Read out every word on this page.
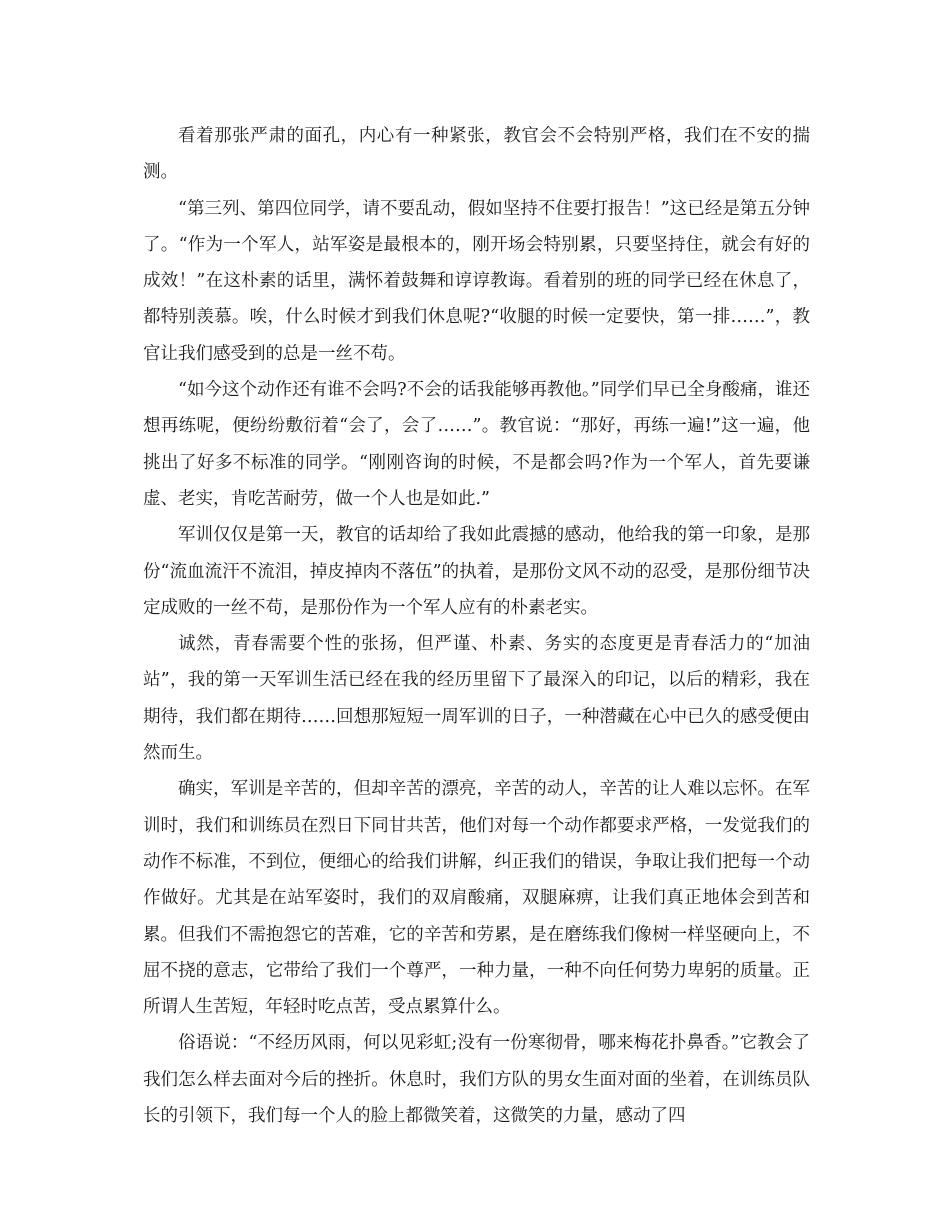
看着那张严肃的面孔，内心有一种紧张，教官会不会特别严格，我们在不安的揣测。

“第三列、第四位同学，请不要乱动，假如坚持不住要打报告！”这已经是第五分钟了。“作为一个军人，站军姿是最根本的，刚开场会特别累，只要坚持住，就会有好的成效！”在这朴素的话里，满怀着鼓舞和谆谆教诲。看着别的班的同学已经在休息了，都特别羡慕。唉，什么时候才到我们休息呢?“收腿的时候一定要快，第一排……”，教官让我们感受到的总是一丝不苟。

“如今这个动作还有谁不会吗?不会的话我能够再教他。”同学们早已全身酸痛，谁还想再练呢，便纷纷敷衍着“会了，会了……”。教官说：“那好，再练一遍!”这一遍，他挑出了好多不标准的同学。“刚刚咨询的时候，不是都会吗?作为一个军人，首先要谦虚、老实，肯吃苦耐劳，做一个人也是如此.”

军训仅仅是第一天，教官的话却给了我如此震撼的感动，他给我的第一印象，是那份“流血流汗不流泪，掉皮掉肉不落伍”的执着，是那份文风不动的忍受，是那份细节决定成败的一丝不苟，是那份作为一个军人应有的朴素老实。

诚然，青春需要个性的张扬，但严谨、朴素、务实的态度更是青春活力的“加油站”，我的第一天军训生活已经在我的经历里留下了最深入的印记，以后的精彩，我在期待，我们都在期待……回想那短短一周军训的日子，一种潜藏在心中已久的感受便由然而生。

确实，军训是辛苦的，但却辛苦的漂亮，辛苦的动人，辛苦的让人难以忘怀。在军训时，我们和训练员在烈日下同甘共苦，他们对每一个动作都要求严格，一发觉我们的动作不标准，不到位，便细心的给我们讲解，纠正我们的错误，争取让我们把每一个动作做好。尤其是在站军姿时，我们的双肩酸痛，双腿麻痹，让我们真正地体会到苦和累。但我们不需抱怨它的苦难，它的辛苦和劳累，是在磨练我们像树一样坚硬向上，不屈不挠的意志，它带给了我们一个尊严，一种力量，一种不向任何势力卑躬的质量。正所谓人生苦短，年轻时吃点苦，受点累算什么。

俗语说：“不经历风雨，何以见彩虹;没有一份寒彻骨，哪来梅花扑鼻香。”它教会了我们怎么样去面对今后的挫折。休息时，我们方队的男女生面对面的坐着，在训练员队长的引领下，我们每一个人的脸上都微笑着，这微笑的力量，感动了四
